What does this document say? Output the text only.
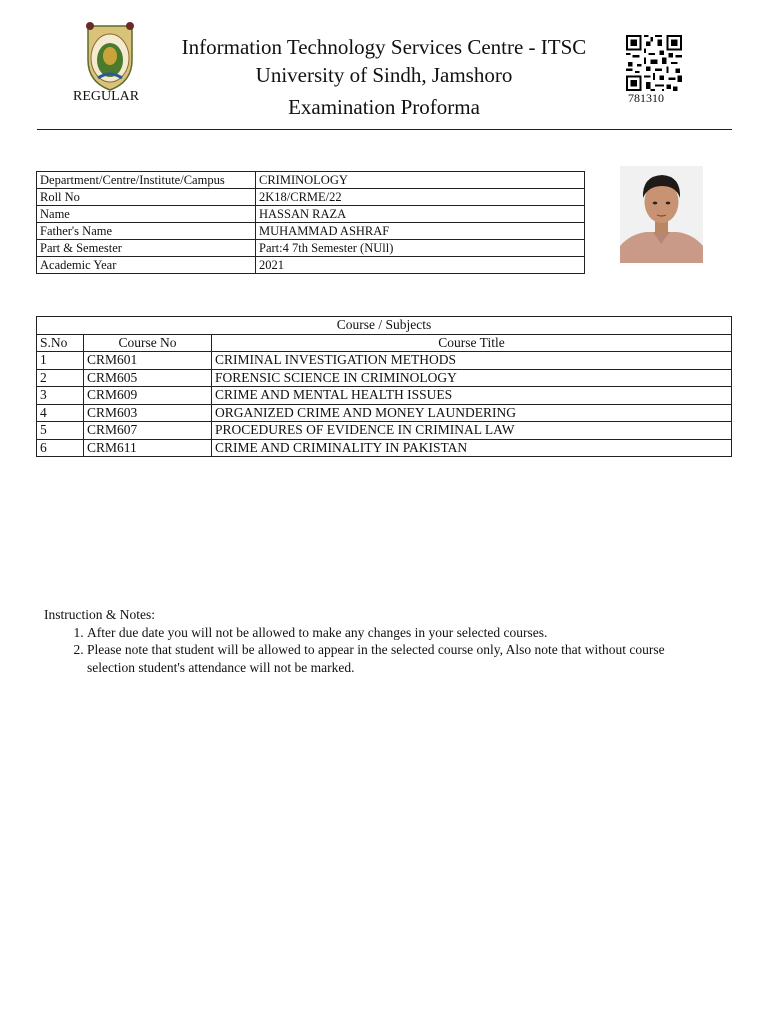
REGULAR
Information Technology Services Centre - ITSC
University of Sindh, Jamshoro
Examination Proforma	781310
Department/Centre/Institute/Campus	CRIMINOLOGY
Roll No	2K18/CRME/22
Name	HASSAN RAZA
Father's Name	MUHAMMAD ASHRAF
Part & Semester	Part:4 7th Semester (NUll)
Academic Year	2021
Course / Subjects		
S.No	Course No	Course Title
1	CRM601	CRIMINAL INVESTIGATION METHODS
2	CRM605	FORENSIC SCIENCE IN CRIMINOLOGY
3	CRM609	CRIME AND MENTAL HEALTH ISSUES
4	CRM603	ORGANIZED CRIME AND MONEY LAUNDERING
5	CRM607	PROCEDURES OF EVIDENCE IN CRIMINAL LAW
6	CRM611	CRIME AND CRIMINALITY IN PAKISTAN
Instruction & Notes:
1. After due date you will not be allowed to make any changes in your selected courses.
2. Please note that student will be allowed to appear in the selected course only, Also note that without course selection student's attendance will not be marked.
